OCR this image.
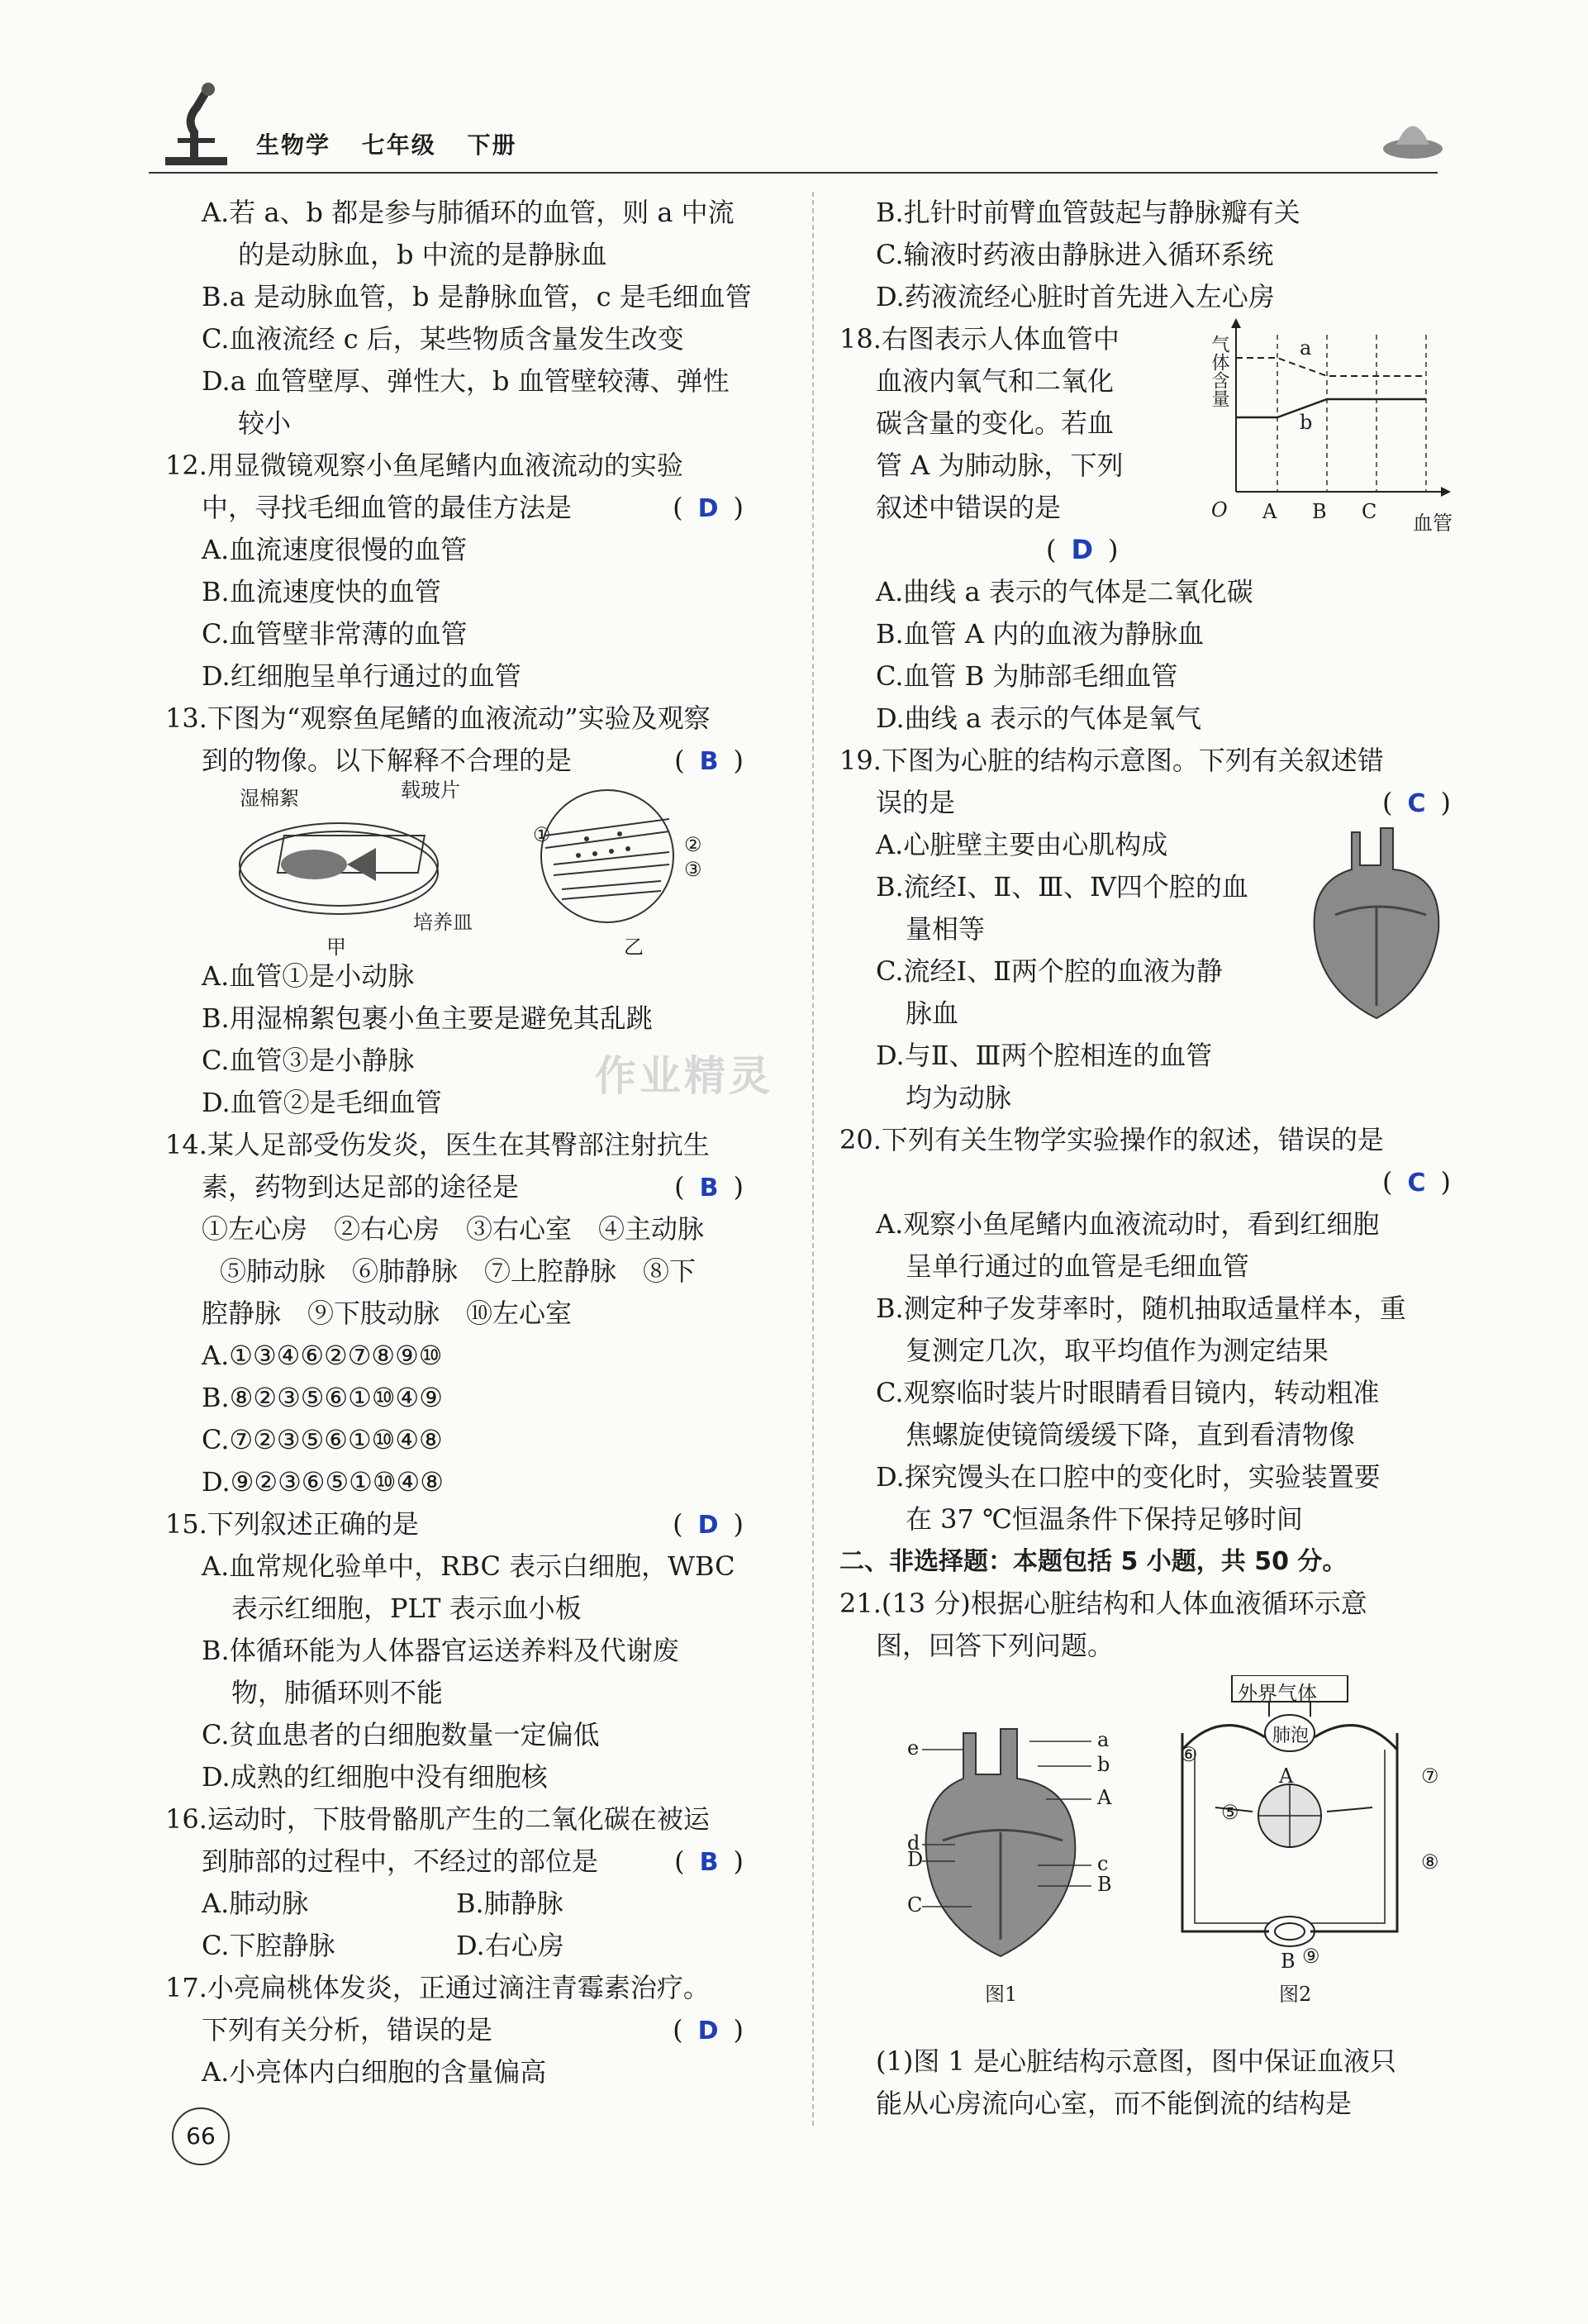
生物学 七年级 下册
A.若 a、b 都是参与肺循环的血管，则 a 中流
的是动脉血，b 中流的是静脉血
B.a 是动脉血管，b 是静脉血管，c 是毛细血管
C.血液流经 c 后，某些物质含量发生改变
D.a 血管壁厚、弹性大，b 血管壁较薄、弹性
较小
12.用显微镜观察小鱼尾鳍内血液流动的实验
中，寻找毛细血管的最佳方法是	( D )
A.血流速度很慢的血管
B.血流速度快的血管
C.血管壁非常薄的血管
D.红细胞呈单行通过的血管
13.下图为“观察鱼尾鳍的血液流动”实验及观察
到的物像。以下解释不合理的是	( B )
湿棉絮	载玻片
培养皿
甲
①	②
③
乙
A.血管①是小动脉
B.用湿棉絮包裹小鱼主要是避免其乱跳
C.血管③是小静脉
D.血管②是毛细血管
14.某人足部受伤发炎，医生在其臀部注射抗生
素，药物到达足部的途径是	( B )
①左心房　②右心房　③右心室　④主动脉
⑤肺动脉　⑥肺静脉　⑦上腔静脉　⑧下
腔静脉　⑨下肢动脉　⑩左心室
A.①③④⑥②⑦⑧⑨⑩
B.⑧②③⑤⑥①⑩④⑨
C.⑦②③⑤⑥①⑩④⑧
D.⑨②③⑥⑤①⑩④⑧
15.下列叙述正确的是	( D )
A.血常规化验单中，RBC 表示白细胞，WBC
表示红细胞，PLT 表示血小板
B.体循环能为人体器官运送养料及代谢废
物，肺循环则不能
C.贫血患者的白细胞数量一定偏低
D.成熟的红细胞中没有细胞核
16.运动时，下肢骨骼肌产生的二氧化碳在被运
到肺部的过程中，不经过的部位是	( B )
A.肺动脉	B.肺静脉
C.下腔静脉	D.右心房
17.小亮扁桃体发炎，正通过滴注青霉素治疗。
下列有关分析，错误的是	( D )
A.小亮体内白细胞的含量偏高
B.扎针时前臂血管鼓起与静脉瓣有关
C.输液时药液由静脉进入循环系统
D.药液流经心脏时首先进入左心房
18.右图表示人体血管中
血液内氧气和二氧化
碳含量的变化。若血
管 A 为肺动脉，下列
叙述中错误的是
( D )
气体含量	a
b
O A B C 血管
A.曲线 a 表示的气体是二氧化碳
B.血管 A 内的血液为静脉血
C.血管 B 为肺部毛细血管
D.曲线 a 表示的气体是氧气
19.下图为心脏的结构示意图。下列有关叙述错
误的是	( C )
A.心脏壁主要由心肌构成
B.流经Ⅰ、Ⅱ、Ⅲ、Ⅳ四个腔的血
量相等
C.流经Ⅰ、Ⅱ两个腔的血液为静
脉血
D.与Ⅱ、Ⅲ两个腔相连的血管
均为动脉
20.下列有关生物学实验操作的叙述，错误的是
( C )
A.观察小鱼尾鳍内血液流动时，看到红细胞
呈单行通过的血管是毛细血管
B.测定种子发芽率时，随机抽取适量样本，重
复测定几次，取平均值作为测定结果
C.观察临时装片时眼睛看目镜内，转动粗准
焦螺旋使镜筒缓缓下降，直到看清物像
D.探究馒头在口腔中的变化时，实验装置要
在 37 ℃恒温条件下保持足够时间
二、非选择题：本题包括 5 小题，共 50 分。
21.(13 分)根据心脏结构和人体血液循环示意
图，回答下列问题。
e	a
b
A
d
D	c
B
C
图1
外界气体
肺泡
A
⑥
⑦
⑤
⑧
B ⑨
图2
(1)图 1 是心脏结构示意图，图中保证血液只
能从心房流向心室，而不能倒流的结构是
作业精灵
66
